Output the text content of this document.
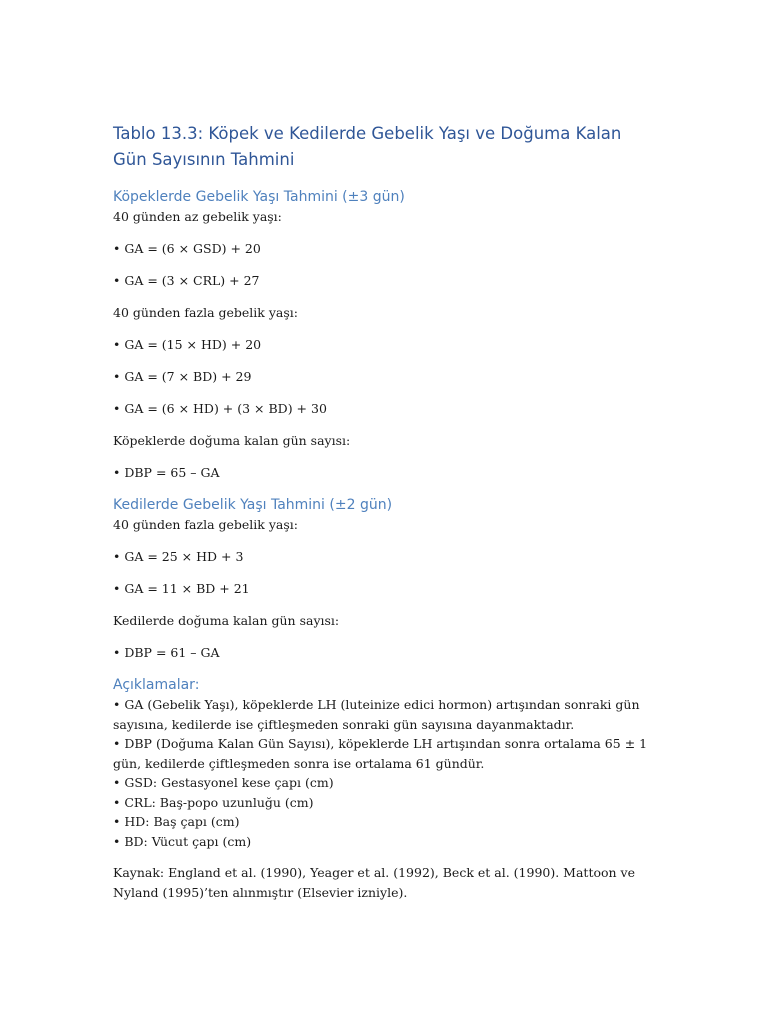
Tablo 13.3: Köpek ve Kedilerde Gebelik Yaşı ve Doğuma Kalan Gün Sayısının Tahmini
Köpeklerde Gebelik Yaşı Tahmini (±3 gün)

40 günden az gebelik yaşı:

• GA = (6 × GSD) + 20

• GA = (3 × CRL) + 27

40 günden fazla gebelik yaşı:

• GA = (15 × HD) + 20

• GA = (7 × BD) + 29

• GA = (6 × HD) + (3 × BD) + 30

Köpeklerde doğuma kalan gün sayısı:

• DBP = 65 – GA

Kedilerde Gebelik Yaşı Tahmini (±2 gün)

40 günden fazla gebelik yaşı:

• GA = 25 × HD + 3

• GA = 11 × BD + 21

Kedilerde doğuma kalan gün sayısı:

• DBP = 61 – GA

Açıklamalar:

• GA (Gebelik Yaşı), köpeklerde LH (luteinize edici hormon) artışından sonraki gün sayısına, kedilerde ise çiftleşmeden sonraki gün sayısına dayanmaktadır.

• DBP (Doğuma Kalan Gün Sayısı), köpeklerde LH artışından sonra ortalama 65 ± 1 gün, kedilerde çiftleşmeden sonra ise ortalama 61 gündür.

• GSD: Gestasyonel kese çapı (cm)

• CRL: Baş-popo uzunluğu (cm)

• HD: Baş çapı (cm)

• BD: Vücut çapı (cm)

Kaynak: England et al. (1990), Yeager et al. (1992), Beck et al. (1990). Mattoon ve Nyland (1995)’ten alınmıştır (Elsevier izniyle).
